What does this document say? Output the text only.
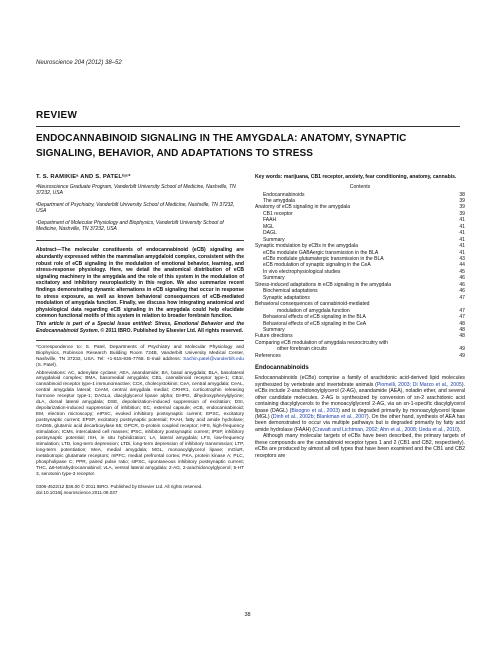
Neuroscience 204 (2012) 38–52
REVIEW
ENDOCANNABINOID SIGNALING IN THE AMYGDALA: ANATOMY, SYNAPTIC SIGNALING, BEHAVIOR, AND ADAPTATIONS TO STRESS
T. S. RAMIKIEᵃ AND S. PATELᵇʲᶜ*
ᵃNeuroscience Graduate Program, Vanderbilt University School of Medicine, Nashville, TN 37232, USA
ᵇDepartment of Psychiatry, Vanderbilt University School of Medicine, Nashville, TN 37232, USA
ᶜDepartment of Molecular Physiology and Biophysics, Vanderbilt University School of Medicine, Nashville, TN 37232, USA
Abstract—The molecular constituents of endocannabinoid (eCB) signaling are abundantly expressed within the mammalian amygdaloid complex, consistent with the robust role of eCB signaling in the modulation of emotional behavior, learning, and stress-response physiology. Here, we detail the anatomical distribution of eCB signaling machinery in the amygdala and the role of this system in the modulation of excitatory and inhibitory neuroplasticity in this region. We also summarize recent findings demonstrating dynamic alternations in eCB signaling that occur in response to stress exposure, as well as known behavioral consequences of eCB-mediated modulation of amygdala function. Finally, we discuss how integrating anatomical and physiological data regarding eCB signaling in the amygdala could help elucidate common functional motifs of this system in relation to broader forebrain function.
This article is part of a Special Issue entitled: Stress, Emotional Behavior and the Endocannabinoid System. © 2011 IBRO. Published by Elsevier Ltd. All rights reserved.
*Correspondence to: S. Patel, Departments of Psychiatry and Molecular Physiology and Biophysics, Robinson Research Building Room 724B, Vanderbilt University Medical Center, Nashville, TN 37232, USA. Tel: +1-615-936-7768. E-mail address: Sachin.patel@vanderbilt.edu (S. Patel).
Abbreviations: AC, adenylate cyclase; AEA, anandamide; BA, basal amygdala; BLA, basolateral amygdaloid complex; BMA, basomedial amygdala; CB1, cannabinoid receptor type-1; CB1r, cannabinoid receptor type-1 immunoreactive; CCK, cholecystokinin; CeA, central amygdala; CeAL, central amygdala lateral; CeAM, central amygdala medial; CRHR1, corticotrophin releasing hormone receptor type-1; DAGLα, diacylglycerol lipase alpha; DHPG, dihydroxyphenylglycine; dLA, dorsal lateral amygdala; DSE, depolarization-induced suppression of excitation; DSI, depolarization-induced suppression of inhibition; EC, external capsule; eCB, endocannabinoid; EM, electron microscopy; eIPSC, evoked inhibitory postsynaptic current; EPSC, excitatory postsynaptic current; EPSP, excitatory postsynaptic potential; FAAH, fatty acid amide hydrolase; GAD65, glutamic acid decarboxylase 65; GPCR, G-protein coupled receptor; HFS, high-frequency stimulation; ICMs, intercalated cell masses; IPSC, inhibitory postsynaptic current; IPSP, inhibitory postsynaptic potential; ISH, in situ hybridization; LA, lateral amygdala; LFS, low-frequency stimulation; LTD, long-term depression; LTDi, long-term depression of inhibitory transmission; LTP, long-term potentiation; MeA, medial amygdala; MGL, monoacylglycerol lipase; mGluR, metabotropic glutamate receptors; mPFC, medial prefrontal cortex; PKA, protein kinase A; PLC, phospholipase C; PPR, paired pulse ratio; sIPSC, spontaneous inhibitory postsynaptic current; THC, Δ9-tetrahydrocannabinol; vLA, ventral lateral amygdala; 2-AG, 2-arachidonoylglycerol; 5-HT 3, serotonin type-3 receptor.
0306-4522/12 $36.00 © 2011 IBRO. Published by Elsevier Ltd. All rights reserved.
doi:10.1016/j.neuroscience.2011.08.037
Key words: marijuana, CB1 receptor, anxiety, fear conditioning, anatomy, cannabis.
Contents
Endocannabinoids	38
The amygdala	39
Anatomy of eCB signaling in the amygdala	39
CB1 receptor	39
FAAH	41
MGL	41
DAGL	41
Summary	41
Synaptic modulation by eCBs in the amygdala	41
eCBs modulate GABAergic transmission in the BLA	41
eCBs modulate glutamatergic transmission in the BLA	43
eCB modulation of synaptic signaling in the CeA	44
In vivo electrophysiological studies	45
Summary	46
Stress-induced adaptations in eCB signaling in the amygdala	46
Biochemical adaptations	46
Synaptic adaptations	47
Behavioral consequences of cannabinoid-mediated	
modulation of amygdala function	47
Behavioral effects of eCB signaling in the BLA	47
Behavioral effects of eCB signaling in the CeA	48
Summary	48
Future directions	48
Comparing eCB modulation of amygdala neurocircuitry with	
other forebrain circuits	49
References	49
Endocannabinoids

Endocannabinoids (eCBs) comprise a family of arachidonic acid-derived lipid molecules synthesized by vertebrate and invertebrate animals (Piomelli, 2003; Di Marzo et al., 2005). eCBs include 2-arachidonoylglycerol (2-AG), anandamide (AEA), noladin ether, and several other candidate molecules. 2-AG is synthesized by conversion of sn-2 arachidonic acid containing diacylglycerols to the monoacylglycerol 2-AG, via an sn-1-specific diacylglycerol lipase (DAGL) (Bisogno et al., 2003) and is degraded primarily by monoacylglycerol lipase (MGL) (Dinh et al., 2002b; Blankman et al., 2007). On the other hand, synthesis of AEA has been demonstrated to occur via multiple pathways but is degraded primarily by fatty acid amide hydrolase (FAAH) (Cravatt and Lichtman, 2002; Ahn et al., 2008; Ueda et al., 2010).

Although many molecular targets of eCBs have been described, the primary targets of these compounds are the cannabinoid receptor types 1 and 2 (CB1 and CB2, respectively). eCBs are produced by almost all cell types that have been examined and the CB1 and CB2 receptors are

38
